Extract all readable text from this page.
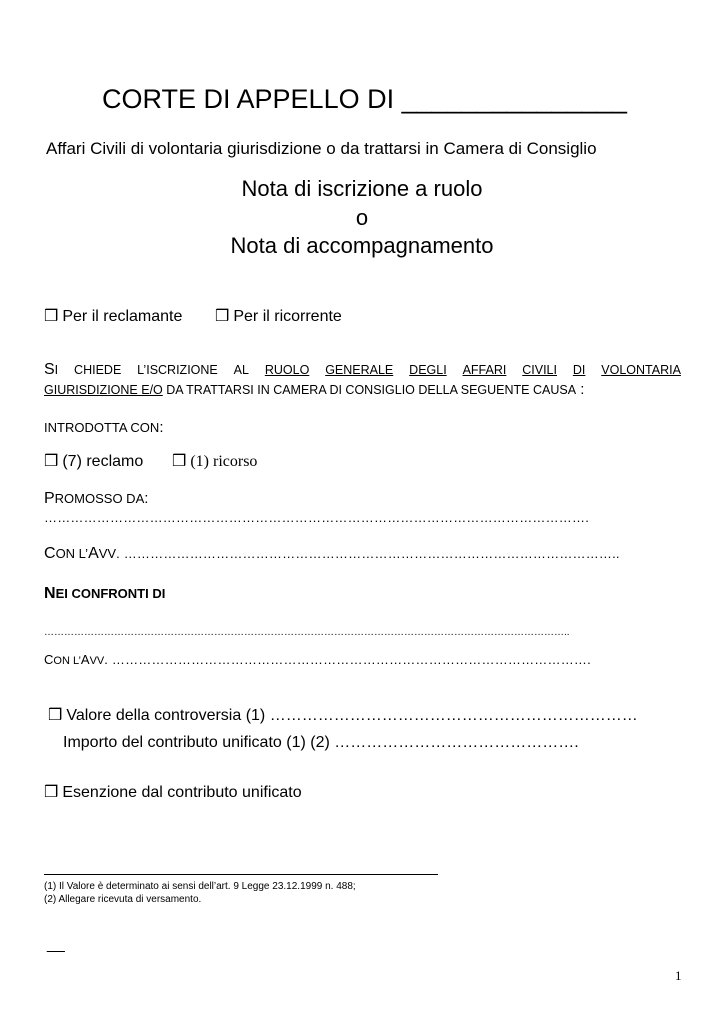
CORTE DI APPELLO DI _______________
Affari Civili di volontaria giurisdizione o da trattarsi in Camera di Consiglio
Nota di iscrizione a ruolo
o
Nota di accompagnamento
❒ Per il reclamante ❒ Per il ricorrente
SI CHIEDE L’ISCRIZIONE AL RUOLO GENERALE DEGLI AFFARI CIVILI DI VOLONTARIA
GIURISDIZIONE E/O DA TRATTARSI IN CAMERA DI CONSIGLIO DELLA SEGUENTE CAUSA :
INTRODOTTA CON:
❒ (7) reclamo ❒ (1) ricorso
PROMOSSO DA:
…………………………………………………………………………………………………………….
CON L’AVV. …………………………………………………………………………………………………..
NEI CONFRONTI DI
…………………………………………………………………………………………………………………………………………..
CON L’AVV. ……………………………………………………………………………………………….
❒ Valore della controversia (1) ……………………………………………………………
Importo del contributo unificato (1) (2) ……………………………………….
❒ Esenzione dal contributo unificato
(1) Il Valore è determinato ai sensi dell’art. 9 Legge 23.12.1999 n. 488;
(2) Allegare ricevuta di versamento.
__
1
